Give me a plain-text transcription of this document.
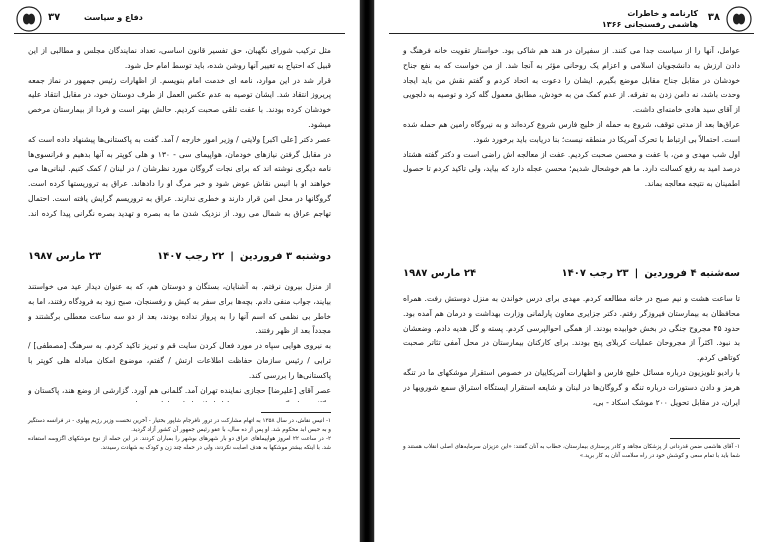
٣٧	دفاع و سیاست

مثل ترکیب شورای نگهبان، حق تفسیر قانون اساسی، تعداد نمایندگان مجلس و مطالبی از این قبیل که احتیاج به تغییر آنها روشن شده، باید توسط امام حل شود.

قرار شد در این موارد، نامه ای خدمت امام بنویسم. از اظهارات رئیس جمهور در نماز جمعه پریروز انتقاد شد. ایشان توصیه به عدم عکس العمل از طرف دوستان خود، در مقابل انتقاد علیه خودشان کرده بودند. با عفت تلقی صحبت کردیم. حالش بهتر است و فردا از بیمارستان مرخص میشود.

عصر دکتر [علی اکبر] ولایتی / وزیر امور خارجه / آمد. گفت به پاکستانی‌ها پیشنهاد داده است که در مقابل گرفتن نیازهای خودمان، هواپیمای سی - ۱۳۰ و هلی کوپتر به آنها بدهیم و فرانسوی‌ها نامه دیگری نوشته اند که برای نجات گروگان مورد نظرشان / در لبنان / کمک کنیم. لبنانی‌ها می خواهند او با انیس نقاش عوض شود و خبر مرگ او را دادهاند. عراق به تروریستها کرده است. گروگانها در محل امن قرار دارند و خطری ندارند. عراق به تروریسم گرایش یافته است. احتمال تهاجم عراق به شمال می رود. از نزدیک شدن ما به بصره و تهدید بصره نگرانی پیدا کرده اند.

دوشنبه ۳ فروردین
|
۲۲ رجب ۱۴۰۷
۲۳ مارس ۱۹۸۷

از منزل بیرون نرفتم. به آشنایان، بستگان و دوستان هم، که به عنوان دیدار عید می خواستند بیایند، جواب منفی دادم. بچه‌ها برای سفر به کیش و رفسنجان، صبح زود به فرودگاه رفتند، اما به خاطر بی نظمی که اسم آنها را به پرواز نداده بودند، بعد از دو سه ساعت معطلی برگشتند و مجدداً بعد از ظهر رفتند.

به نیروی هوایی سپاه در مورد فعال کردن سایت قم و تبریز تاکید کردم. به سرهنگ [مصطفی] / ترابی / رئیس سازمان حفاظت اطلاعات ارتش / گفتم، موضوع امکان مبادله هلی کوپتر با پاکستانی‌ها را بررسی کند.

عصر آقای [علیرضا] حجازی نماینده تهران آمد. گلمانی هم آورد. گزارشی از وضع هند، پاکستان و

۱- انیس نقاش، در سال ۱۳۵۸ به اتهام مشارکت در ترور نافرجام شاپور بختیار - آخرین نخست وزیر رژیم پهلوی - در فرانسه دستگیر و به حبس ابد محکوم شد. او پس از ده سال، با عفو رئیس جمهور آن کشور آزاد گردید.

۲- در ساعت ۲۲ امروز هواپیماهای عراق دو بار شهرهای بوشهر را بمباران کردند. در این حمله از نوع موشکهای اگزوسه استفاده شد. با اینکه بیشتر موشکها به هدف اصابت نکردند، ولی در حمله چند زن و کودک به شهادت رسیدند.

٣٨
کارنامه و خاطرات
هاشمی رفسنجانی ۱۳۶۶

عوامل، آنها را از سیاست جدا می کنند. از سفیران در هند هم شاکی بود. خواستار تقویت خانه فرهنگ و دادن ارزش به دانشجویان اسلامی و اعزام یک روحانی مؤثر به آنجا شد. از من خواست که به نفع جناح خودشان در مقابل جناح مقابل موضع بگیرم. ایشان را دعوت به اتحاد کردم و گفتم نقش من باید ایجاد وحدت باشد، نه دامن زدن به تفرقه. از عدم کمک من به خودش، مطابق معمول گله کرد و توصیه به دلجویی از آقای سید هادی خامنه‌ای داشت.

عراق‌ها بعد از مدتی توقف، شروع به حمله از خلیج فارس شروع کرده‌اند و به نیروگاه رامین هم حمله شده است. احتمالاً بی ارتباط با تحرک آمریکا در منطقه نیست؛ بنا دریابت باید برخورد شود.

اول شب مهدی و من، با عفت و محسن صحبت کردیم. عفت از معالجه اش راضی است و دکتر گفته هشتاد درصد امید به رفع کسالت دارد. ما هم خوشحال شدیم؛ محسن عجله دارد که بیاید، ولی تاکید کردم تا حصول اطمینان به نتیجه معالجه بماند.

سه‌شنبه ۴ فروردین
|
۲۳ رجب ۱۴۰۷
۲۴ مارس ۱۹۸۷

تا ساعت هشت و نیم صبح در خانه مطالعه کردم. مهدی برای درس خواندن به منزل دوستش رفت. همراه محافظان به بیمارستان فیروزگر رفتم. دکتر جزایری معاون پارلمانی وزارت بهداشت و درمان هم آمده بود. حدود ۴۵ مجروح جنگی در بخش خوابیده بودند. از همگی احوالپرسی کردم. پسته و گل هدیه دادم. وضعشان بد نبود. اکثراً از مجروحان عملیات کربلای پنج بودند. برای کارکنان بیمارستان در محل آمفی تئاتر صحبت کوتاهی کردم.

با رادیو تلویزیون درباره مسائل خلیج فارس و اظهارات آمریکاییان در خصوص استقرار موشکهای ما در تنگه هرمز و دادن دستورات درباره تنگه و گروگان‌ها در لبنان و شایعه استقرار ایستگاه استراق سمع شورویها در ایران، در مقابل تحویل ۲۰۰ موشک اسکاد - بی،

۱- آقای هاشمی ضمن قدردانی از پزشکان مجاهد و کادر پرستاری بیمارستان، خطاب به آنان گفتند: «این عزیزان سرمایه‌های اصلی انقلاب هستند و شما باید با تمام سعی و کوشش خود در راه سلامت آنان به کار برید.»
